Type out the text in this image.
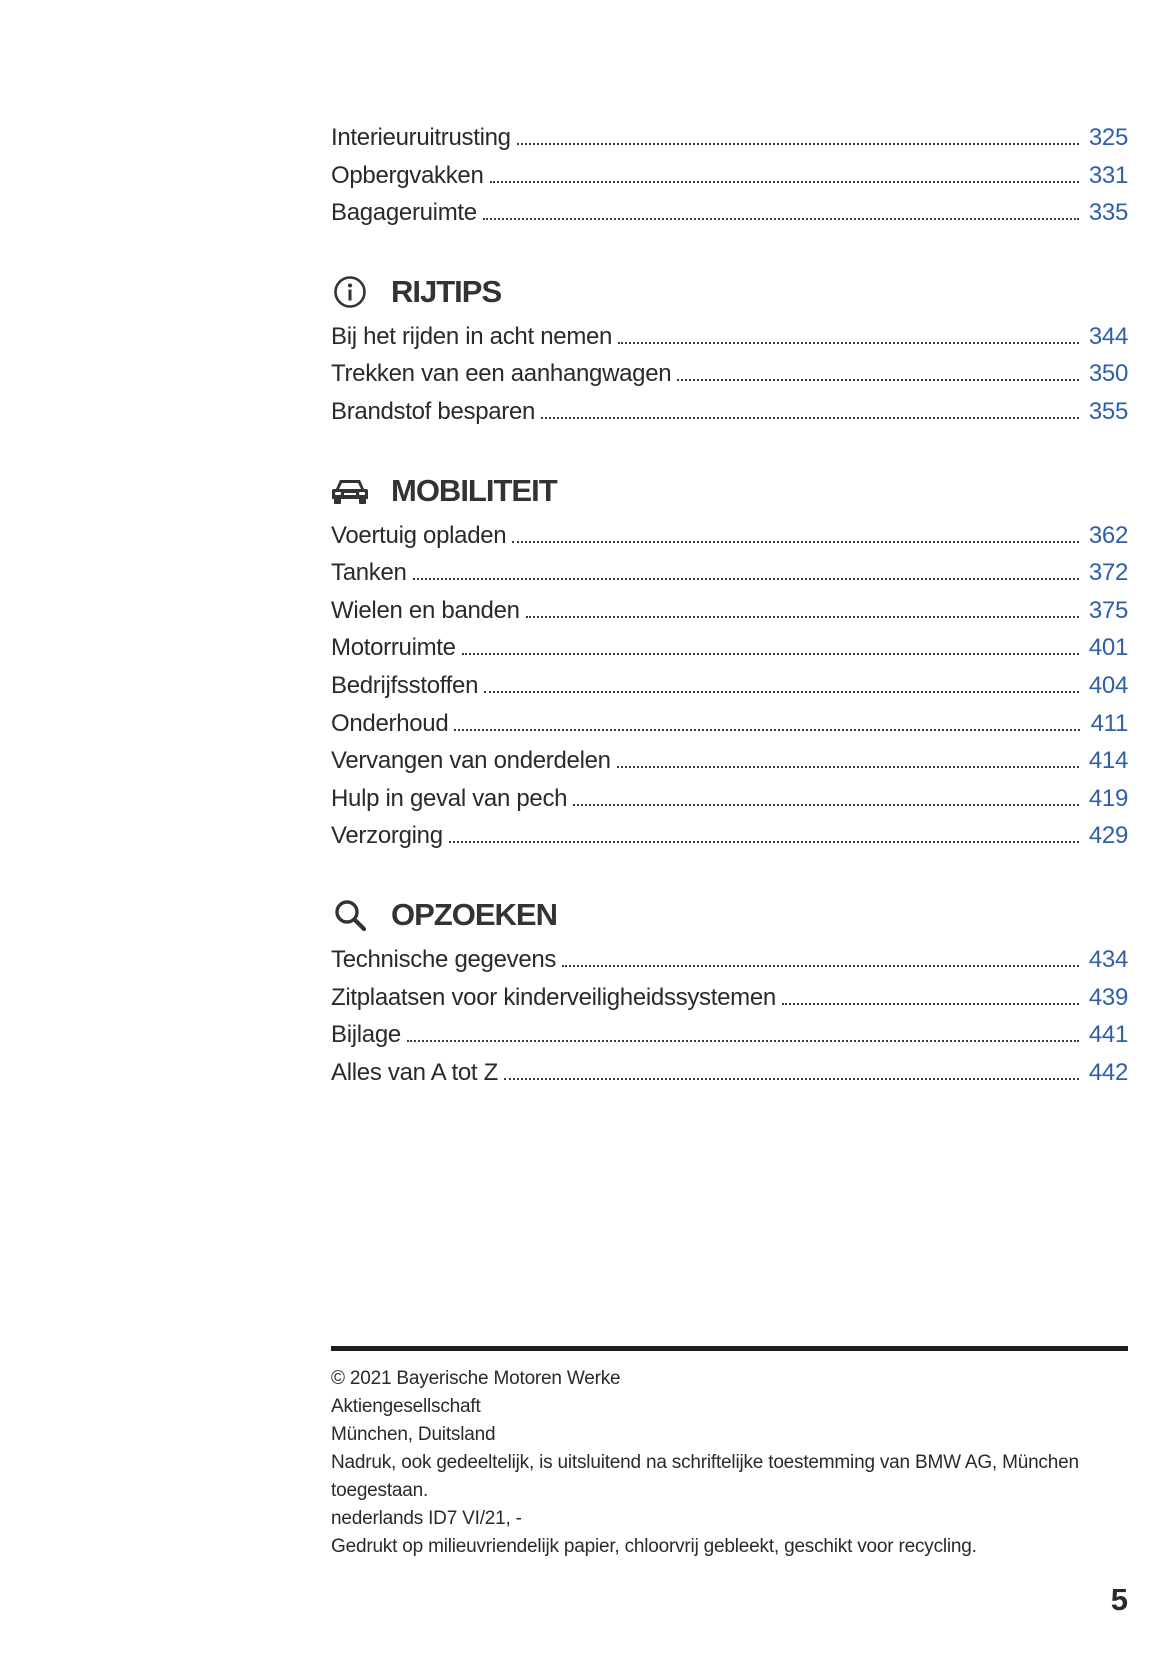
Interieuruitrusting	325
Opbergvakken	331
Bagageruimte	335
RIJTIPS
Bij het rijden in acht nemen	344
Trekken van een aanhangwagen	350
Brandstof besparen	355
MOBILITEIT
Voertuig opladen	362
Tanken	372
Wielen en banden	375
Motorruimte	401
Bedrijfsstoffen	404
Onderhoud	411
Vervangen van onderdelen	414
Hulp in geval van pech	419
Verzorging	429
OPZOEKEN
Technische gegevens	434
Zitplaatsen voor kinderveiligheidssystemen	439
Bijlage	441
Alles van A tot Z	442
© 2021 Bayerische Motoren Werke
Aktiengesellschaft
München, Duitsland
Nadruk, ook gedeeltelijk, is uitsluitend na schriftelijke toestemming van BMW AG, München
toegestaan.
nederlands ID7 VI/21, -
Gedrukt op milieuvriendelijk papier, chloorvrij gebleekt, geschikt voor recycling.
5
